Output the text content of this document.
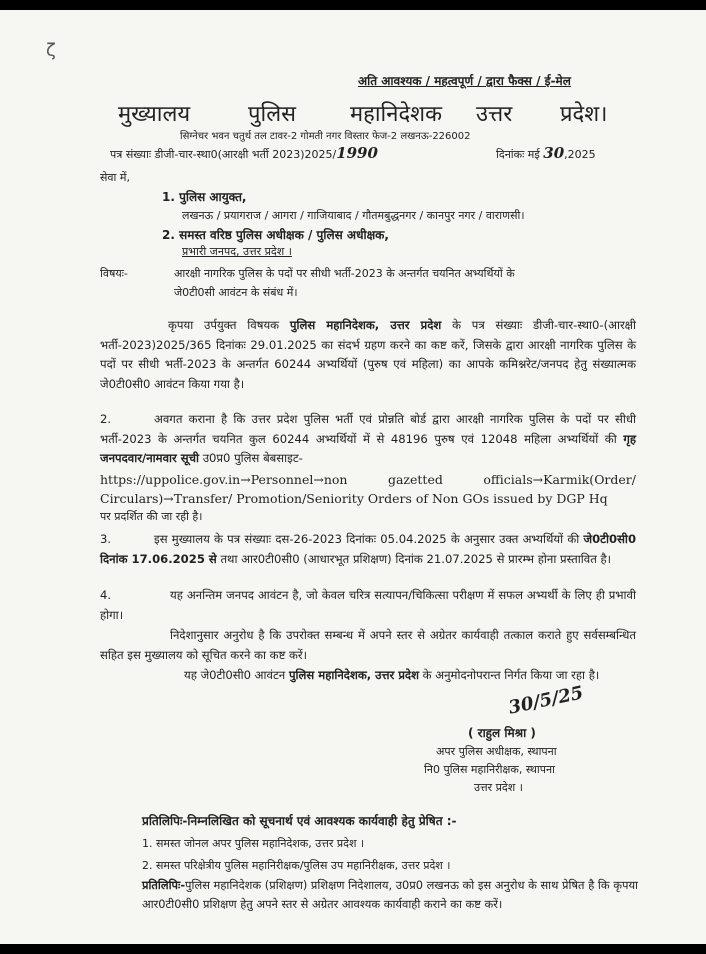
ζ
अति आवश्यक / महत्वपूर्ण / द्वारा फैक्स / ई-मेल
मुख्यालय	पुलिस महानिदेशक उत्तर प्रदेश।
सिग्नेचर भवन चतुर्थ तल टावर-2 गोमती नगर विस्तार फेज-2 लखनऊ-226002
पत्र संख्याः डीजी-चार-स्था0(आरक्षी भर्ती 2023)2025/1990	दिनांकः मई 30,2025
सेवा में,
1. पुलिस आयुक्त,
लखनऊ / प्रयागराज / आगरा / गाजियाबाद / गौतमबुद्धनगर / कानपुर नगर / वाराणसी।
2. समस्त वरिष्ठ पुलिस अधीक्षक / पुलिस अधीक्षक,
प्रभारी जनपद, उत्तर प्रदेश ।
विषयः-	आरक्षी नागरिक पुलिस के पदों पर सीधी भर्ती-2023 के अन्तर्गत चयनित अभ्यर्थियों के
जे0टी0सी आवंटन के संबंध में।
कृपया उर्पयुक्त विषयक पुलिस महानिदेशक, उत्तर प्रदेश के पत्र संख्याः डीजी-चार-स्था0-(आरक्षी भर्ती-2023)2025/365 दिनांकः 29.01.2025 का संदर्भ ग्रहण करने का कष्ट करें, जिसके द्वारा आरक्षी नागरिक पुलिस के पदों पर सीधी भर्ती-2023 के अन्तर्गत 60244 अभ्यर्थियों (पुरुष एवं महिला) का आपके कमिश्नरेट/जनपद हेतु संख्यात्मक जे0टी0सी0 आवंटन किया गया है।
2.	अवगत कराना है कि उत्तर प्रदेश पुलिस भर्ती एवं प्रोन्नति बोर्ड द्वारा आरक्षी नागरिक पुलिस के पदों पर सीधी भर्ती-2023 के अन्तर्गत चयनित कुल 60244 अभ्यर्थियों में से 48196 पुरुष एवं 12048 महिला अभ्यर्थियों की गृह जनपदवार/नामवार सूची उ0प्र0 पुलिस बेबसाइट-
https://uppolice.gov.in→Personnel→non gazetted officials→Karmik(Order/
Circulars)→Transfer/ Promotion/Seniority Orders of Non GOs issued by DGP Hq
पर प्रदर्शित की जा रही है।
3.	इस मुख्यालय के पत्र संख्याः दस-26-2023 दिनांकः 05.04.2025 के अनुसार उक्त अभ्यर्थियों की जे0टी0सी0 दिनांक 17.06.2025 से तथा आर0टी0सी0 (आधारभूत प्रशिक्षण) दिनांक 21.07.2025 से प्रारम्भ होना प्रस्तावित है।
4.	यह अनन्तिम जनपद आवंटन है, जो केवल चरित्र सत्यापन/चिकित्सा परीक्षण में सफल अभ्यर्थी के लिए ही प्रभावी होगा।
निदेशानुसार अनुरोध है कि उपरोक्त सम्बन्ध में अपने स्तर से अग्रेतर कार्यवाही तत्काल कराते हुए सर्वसम्बन्धित सहित इस मुख्यालय को सूचित करने का कष्ट करें।
यह जे0टी0सी0 आवंटन पुलिस महानिदेशक, उत्तर प्रदेश के अनुमोदनोपरान्त निर्गत किया जा रहा है।
30/5/25
( राहुल मिश्रा )
अपर पुलिस अधीक्षक, स्थापना
नि0 पुलिस महानिरीक्षक, स्थापना
उत्तर प्रदेश ।
प्रतिलिपिः-निम्नलिखित को सूचनार्थ एवं आवश्यक कार्यवाही हेतु प्रेषित :-
1. समस्त जोनल अपर पुलिस महानिदेशक, उत्तर प्रदेश ।
2. समस्त परिक्षेत्रीय पुलिस महानिरीक्षक/पुलिस उप महानिरीक्षक, उत्तर प्रदेश ।
प्रतिलिपिः-पुलिस महानिदेशक (प्रशिक्षण) प्रशिक्षण निदेशालय, उ0प्र0 लखनऊ को इस अनुरोध के साथ प्रेषित है कि कृपया आर0टी0सी0 प्रशिक्षण हेतु अपने स्तर से अग्रेतर आवश्यक कार्यवाही कराने का कष्ट करें।
